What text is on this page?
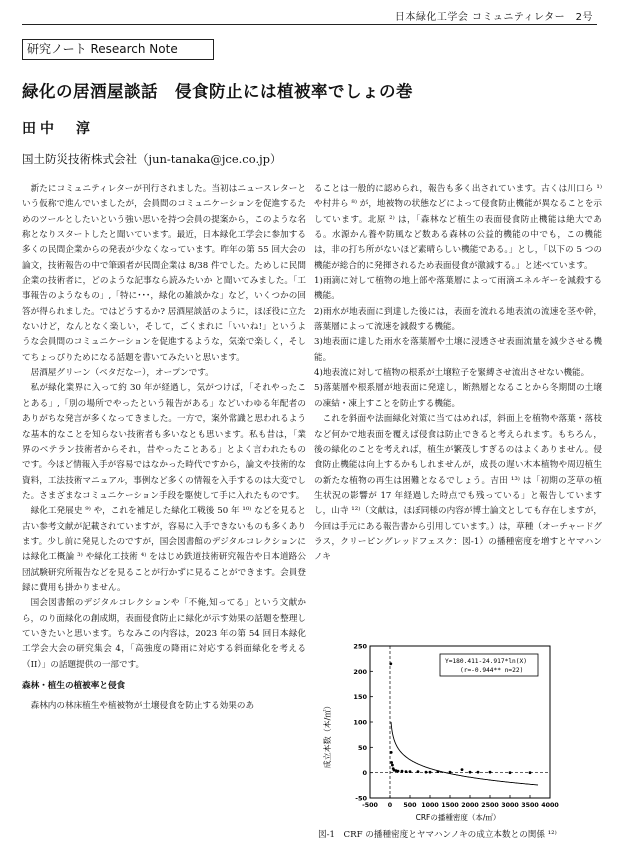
日本緑化工学会 コミュニティレター　2号
研究ノート Research Note
緑化の居酒屋談話　侵食防止には植被率でしょの巻
田中　淳
国土防災技術株式会社（jun-tanaka@jce.co.jp）

新たにコミュニティレターが刊行されました。当初はニュースレターという仮称で進んでいましたが，会員間のコミュニケーションを促進するためのツールとしたいという強い思いを持つ会員の提案から，このような名称となりスタートしたと聞いています。最近，日本緑化工学会に参加する多くの民間企業からの発表が少なくなっています。昨年の第 55 回大会の論文，技術報告の中で筆頭者が民間企業は 8/38 件でした。ためしに民間企業の技術者に，どのような記事なら読みたいか と聞いてみました。「工事報告のようなもの」,「特に･･･，緑化の雑談かな」など，いくつかの回答が得られました。ではどうするか? 居酒屋談話のように，ほぼ役に立たないけど，なんとなく楽しい，そして，ごくまれに「いいね!」というような会員間のコミュニケーションを促進するような，気楽で楽しく，そしてちょっぴりためになる話題を書いてみたいと思います。

居酒屋グリーン（ベタだなー），オープンです。

私が緑化業界に入って約 30 年が経過し，気がつけば，「それやったことある」,「別の場所でやったという報告がある」などいわゆる年配者のありがちな発言が多くなってきました。一方で，案外常識と思われるような基本的なことを知らない技術者も多いなとも思います。私も昔は，「業界のベテラン技術者からそれ，昔やったことある」とよく言われたものです。今ほど情報入手が容易ではなかった時代ですから，論文や技術的な資料，工法技術マニュアル，事例など多くの情報を入手するのは大変でした。さまざまなコミュニケーション手段を駆使して手に入れたものです。

緑化工発展史 ⁹⁾ や，これを補足した緑化工戦後 50 年 ¹⁰⁾ などを見ると古い参考文献が記載されていますが，容易に入手できないものも多くあります。少し前に発見したのですが，国会図書館のデジタルコレクションには緑化工概論 ³⁾ や緑化工技術 ⁴⁾ をはじめ鉄道技術研究報告や日本道路公団試験研究所報告などを見ることが行かずに見ることができます。会員登録に費用も掛かりません。

国会図書館のデジタルコレクションや「不俺,知ってる」という文献から，のり面緑化の創成期，表面侵食防止に緑化が示す効果の話題を整理していきたいと思います。ちなみこの内容は，2023 年の第 54 回日本緑化工学会大会の研究集会 4，「高強度の降雨に対応する斜面緑化を考える（II）」の話題提供の一部です。

森林・植生の植被率と侵食

森林内の林床植生や植被物が土壌侵食を防止する効果のあ

ることは一般的に認められ，報告も多く出されています。古くは川口ら ¹⁾ や村井ら ⁸⁾ が，地被物の状態などによって侵食防止機能が異なることを示しています。北原 ²⁾ は，「森林など植生の表面侵食防止機能は絶大である。水源かん養や防風など数ある森林の公益的機能の中でも，この機能は，非の打ち所がないほど素晴らしい機能である。」とし，「以下の 5 つの機能が総合的に発揮されるため表面侵食が激減する。」と述べています。

1)雨滴に対して植物の地上部や落葉層によって雨滴エネルギーを減殺する機能。

2)雨水が地表面に到達した後には，表面を流れる地表流の流速を茎や幹，落葉層によって流速を減殺する機能。

3)地表面に達した雨水を落葉層や土壌に浸透させ表面流量を減少させる機能。

4)地表流に対して植物の根系が土壌粒子を緊縛させ流出させない機能。

5)落葉層や根系層が地表面に発達し，断熱層となることから冬期間の土壌の凍結・凍上すことを防止する機能。

これを斜面や法面緑化対策に当てはめれば，斜面上を植物や落葉・落枝など何かで地表面を覆えば侵食は防止できると考えられます。もちろん，後の緑化のことを考えれば，植生が繁茂しすぎるのはよくありません。侵食防止機能は向上するかもしれませんが，成長の遅い木本植物や周辺植生の新たな植物の再生は困難となるでしょう。吉田 ¹³⁾ は「初期の芝草の植生状況の影響が 17 年経過した時点でも残っている」と報告していますし，山寺 ¹²⁾（文献は，ほぼ同様の内容が博士論文としても存在しますが，今回は手元にある報告書から引用しています。）は，草種（オーチャードグラス，クリーピングレッドフェスク：図-1）の播種密度を増すとヤマハンノキ

成立本数（本/㎡）
CRFの播種密度（本/㎡）
250
200
150
100
50
0
-50
-500 0 500 1000 1500 2000 2500 3000 3500 4000
Y=180.411-24.917*ln(X)
(r=-0.944** n=22)
図-1　CRF の播種密度とヤマハンノキの成立本数との関係 ¹²⁾
